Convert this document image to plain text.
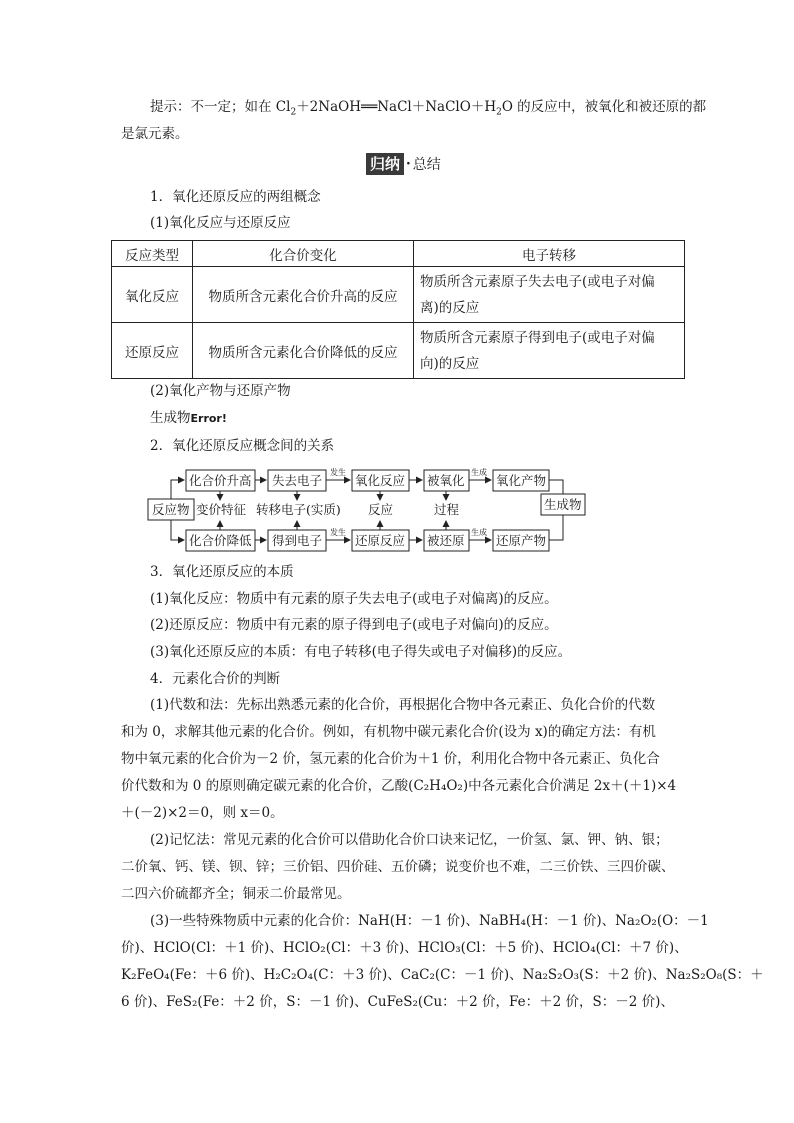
提示：不一定；如在 $Cl_2+2NaOH══NaCl+NaClO+H_2O$ 的反应中，被氧化和被还原的都
是氯元素。
归纳 · 总结
1．氧化还原反应的两组概念
(1)氧化反应与还原反应
反应类型	化合价变化	电子转移
氧化反应	物质所含元素化合价升高的反应	物质所含元素原子失去电子(或电子对偏
离)的反应

还原反应	物质所含元素化合价降低的反应	物质所含元素原子得到电子(或电子对偏
向)的反应
(2)氧化产物与还原产物
生成物Error!
2．氧化还原反应概念间的关系
反应物
化合价升高 失去电子	氧化反应 被氧化	氧化产物
化合价降低 得到电子	还原反应 被还原	还原产物
变价特征 转移电子(实质) 反应	过程	生成物
发生	生成
发生	生成
3．氧化还原反应的本质
(1)氧化反应：物质中有元素的原子失去电子(或电子对偏离)的反应。
(2)还原反应：物质中有元素的原子得到电子(或电子对偏向)的反应。
(3)氧化还原反应的本质：有电子转移(电子得失或电子对偏移)的反应。
4．元素化合价的判断
(1)代数和法：先标出熟悉元素的化合价，再根据化合物中各元素正、负化合价的代数
和为 0，求解其他元素的化合价。例如，有机物中碳元素化合价(设为 x)的确定方法：有机
物中氧元素的化合价为－2 价，氢元素的化合价为＋1 价，利用化合物中各元素正、负化合
价代数和为 0 的原则确定碳元素的化合价，乙酸(C₂H₄O₂)中各元素化合价满足 2x＋(＋1)×4
＋(－2)×2＝0，则 x＝0。
(2)记忆法：常见元素的化合价可以借助化合价口诀来记忆，一价氢、氯、钾、钠、银；
二价氧、钙、镁、钡、锌；三价铝、四价硅、五价磷；说变价也不难，二三价铁、三四价碳、
二四六价硫都齐全；铜汞二价最常见。
(3)一些特殊物质中元素的化合价：NaH(H：－1 价)、NaBH₄(H：－1 价)、Na₂O₂(O：－1
价)、HClO(Cl：＋1 价)、HClO₂(Cl：＋3 价)、HClO₃(Cl：＋5 价)、HClO₄(Cl：＋7 价)、
K₂FeO₄(Fe：＋6 价)、H₂C₂O₄(C：＋3 价)、CaC₂(C：－1 价)、Na₂S₂O₃(S：＋2 价)、Na₂S₂O₈(S：＋
6 价)、FeS₂(Fe：＋2 价，S：－1 价)、CuFeS₂(Cu：＋2 价，Fe：＋2 价，S：－2 价)、
